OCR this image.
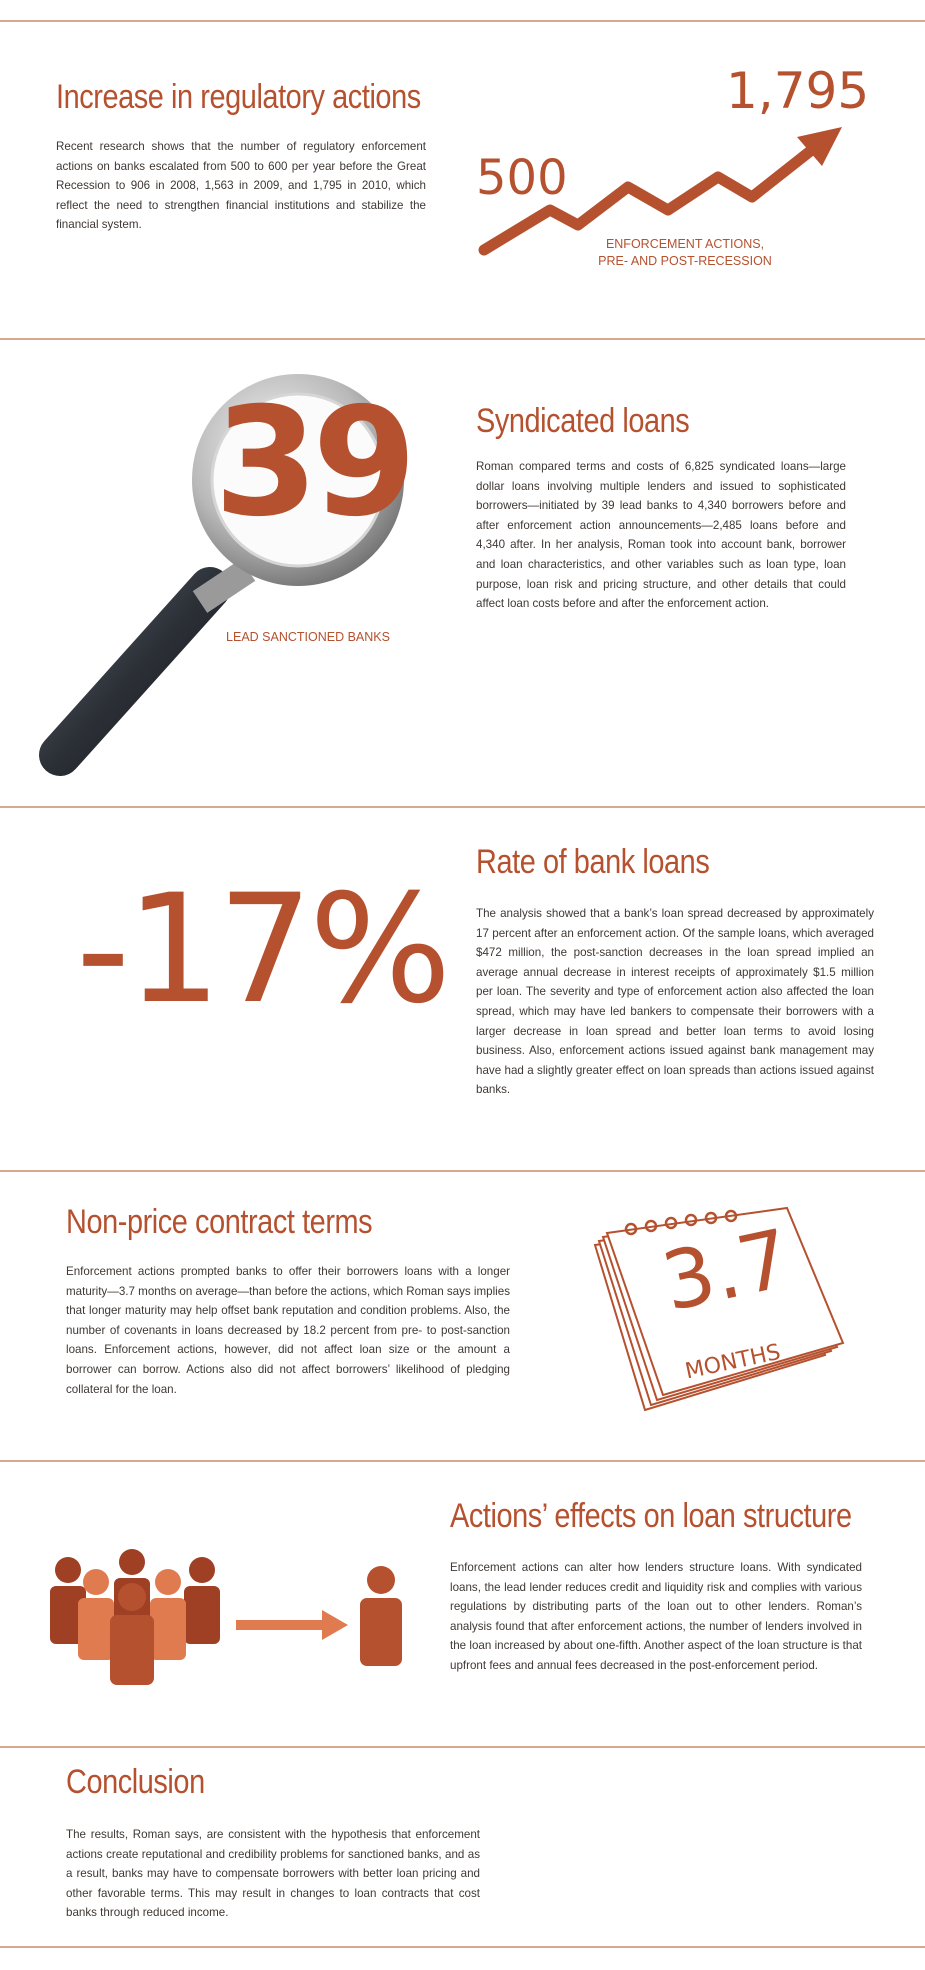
Increase in regulatory actions

Recent research shows that the number of regulatory enforcement actions on banks escalated from 500 to 600 per year before the Great Recession to 906 in 2008, 1,563 in 2009, and 1,795 in 2010, which reflect the need to strengthen financial institutions and stabilize the financial system.

500
1,795
ENFORCEMENT ACTIONS,
PRE- AND POST-RECESSION
39
LEAD SANCTIONED BANKS
Syndicated loans

Roman compared terms and costs of 6,825 syndicated loans—large dollar loans involving multiple lenders and issued to sophisticated borrowers—initiated by 39 lead banks to 4,340 borrowers before and after enforcement action announcements—2,485 loans before and 4,340 after. In her analysis, Roman took into account bank, borrower and loan characteristics, and other variables such as loan type, loan purpose, loan risk and pricing structure, and other details that could affect loan costs before and after the enforcement action.

-17%
Rate of bank loans

The analysis showed that a bank’s loan spread decreased by approximately 17 percent after an enforcement action. Of the sample loans, which averaged $472 million, the post-sanction decreases in the loan spread implied an average annual decrease in interest receipts of approximately $1.5 million per loan. The severity and type of enforcement action also affected the loan spread, which may have led bankers to compensate their borrowers with a larger decrease in loan spread and better loan terms to avoid losing business. Also, enforcement actions issued against bank management may have had a slightly greater effect on loan spreads than actions issued against banks.

Non-price contract terms

Enforcement actions prompted banks to offer their borrowers loans with a longer maturity—3.7 months on average—than before the actions, which Roman says implies that longer maturity may help offset bank reputation and condition problems. Also, the number of covenants in loans decreased by 18.2 percent from pre- to post-sanction loans. Enforcement actions, however, did not affect loan size or the amount a borrower can borrow. Actions also did not affect borrowers’ likelihood of pledging collateral for the loan.

3.7
MONTHS
Actions’ effects on loan structure

Enforcement actions can alter how lenders structure loans. With syndicated loans, the lead lender reduces credit and liquidity risk and complies with various regulations by distributing parts of the loan out to other lenders. Roman’s analysis found that after enforcement actions, the number of lenders involved in the loan increased by about one-fifth. Another aspect of the loan structure is that upfront fees and annual fees decreased in the post-enforcement period.

Conclusion

The results, Roman says, are consistent with the hypothesis that enforcement actions create reputational and credibility problems for sanctioned banks, and as a result, banks may have to compensate borrowers with better loan pricing and other favorable terms. This may result in changes to loan contracts that cost banks through reduced income.
